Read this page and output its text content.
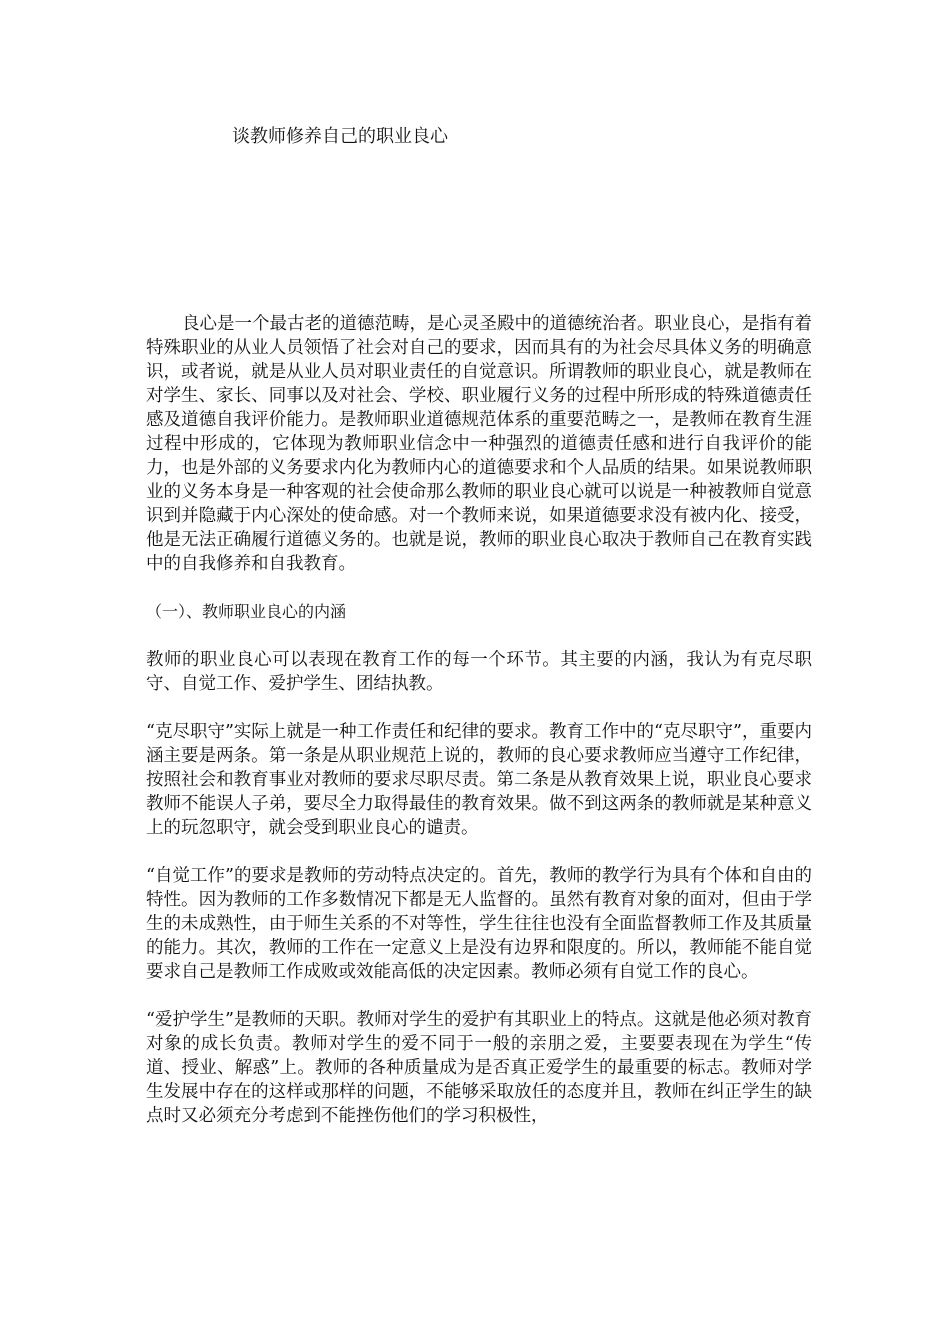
谈教师修养自己的职业良心

良心是一个最古老的道德范畴，是心灵圣殿中的道德统治者。职业良心，是指有着特殊职业的从业人员领悟了社会对自己的要求，因而具有的为社会尽具体义务的明确意识，或者说，就是从业人员对职业责任的自觉意识。所谓教师的职业良心，就是教师在对学生、家长、同事以及对社会、学校、职业履行义务的过程中所形成的特殊道德责任感及道德自我评价能力。是教师职业道德规范体系的重要范畴之一，是教师在教育生涯过程中形成的，它体现为教师职业信念中一种强烈的道德责任感和进行自我评价的能力，也是外部的义务要求内化为教师内心的道德要求和个人品质的结果。如果说教师职业的义务本身是一种客观的社会使命那么教师的职业良心就可以说是一种被教师自觉意识到并隐藏于内心深处的使命感。对一个教师来说，如果道德要求没有被内化、接受，他是无法正确履行道德义务的。也就是说，教师的职业良心取决于教师自己在教育实践中的自我修养和自我教育。

（一）、教师职业良心的内涵

教师的职业良心可以表现在教育工作的每一个环节。其主要的内涵，我认为有克尽职守、自觉工作、爱护学生、团结执教。

“克尽职守”实际上就是一种工作责任和纪律的要求。教育工作中的“克尽职守”，重要内涵主要是两条。第一条是从职业规范上说的，教师的良心要求教师应当遵守工作纪律，按照社会和教育事业对教师的要求尽职尽责。第二条是从教育效果上说，职业良心要求教师不能误人子弟，要尽全力取得最佳的教育效果。做不到这两条的教师就是某种意义上的玩忽职守，就会受到职业良心的谴责。

“自觉工作”的要求是教师的劳动特点决定的。首先，教师的教学行为具有个体和自由的特性。因为教师的工作多数情况下都是无人监督的。虽然有教育对象的面对，但由于学生的未成熟性，由于师生关系的不对等性，学生往往也没有全面监督教师工作及其质量的能力。其次，教师的工作在一定意义上是没有边界和限度的。所以，教师能不能自觉要求自己是教师工作成败或效能高低的决定因素。教师必须有自觉工作的良心。

“爱护学生”是教师的天职。教师对学生的爱护有其职业上的特点。这就是他必须对教育对象的成长负责。教师对学生的爱不同于一般的亲朋之爱，主要要表现在为学生“传道、授业、解惑”上。教师的各种质量成为是否真正爱学生的最重要的标志。教师对学生发展中存在的这样或那样的问题，不能够采取放任的态度并且，教师在纠正学生的缺点时又必须充分考虑到不能挫伤他们的学习积极性，
